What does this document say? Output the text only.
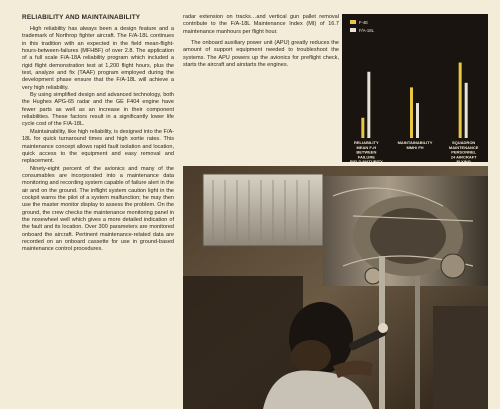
RELIABILITY AND MAINTAINABILITY

High reliability has always been a design feature and a trademark of Northrop fighter aircraft. The F/A-18L continues in this tradition with an expected in the field mean-flight-hours-between-failures (MFHBF) of over 2.8. The application of a full scale F/A-18A reliability program which included a rigid flight demonstration test at 1,200 flight hours, plus the test, analyze and fix (TAAF) program employed during the development phase ensure that the F/A-18L will achieve a very high reliability.

By using simplified design and advanced technology, both the Hughes APG-65 radar and the GE F404 engine have fewer parts as well as an increase in their component reliabilities. These factors result in a significantly lower life cycle cost of the F/A-18L.

Maintainability, like high reliability, is designed into the F/A-18L for quick turnaround times and high sortie rates. This maintenance concept allows rapid fault isolation and location, quick access to the equipment and easy removal and replacement.

Ninety-eight percent of the avionics and many of the consumables are incorporated into a maintenance data monitoring and recording system capable of failure alert in the air and on the ground. The inflight system caution light in the cockpit warns the pilot of a system malfunction; he may then use the master monitor display to assess the problem. On the ground, the crew checks the maintenance monitoring panel in the nosewheel well which gives a more detailed indication of the fault and its location. Over 300 parameters are monitored onboard the aircraft. Pertinent maintenance-related data are recorded on an onboard cassette for use in ground-based maintenance control procedures.

radar extension on tracks…and vertical gun pallet removal contribute to the F/A-18L Maintenance Index (MI) of 16.7 maintenance manhours per flight hour.

The onboard auxiliary power unit (APU) greatly reduces the amount of support equipment needed to troubleshoot the systems. The APU powers up the avionics for preflight check, starts the aircraft and airstarts the engines.

F-4E
F/A-18L
RELIABILITY
MEAN F-H
BETWEEN
FAILURE
FIELD MATURITY
MAINTAINABILITY
MMH/ FH
SQUADRON
MAINTENANCE
PERSONNEL
24 AIRCRAFT
FLYING
